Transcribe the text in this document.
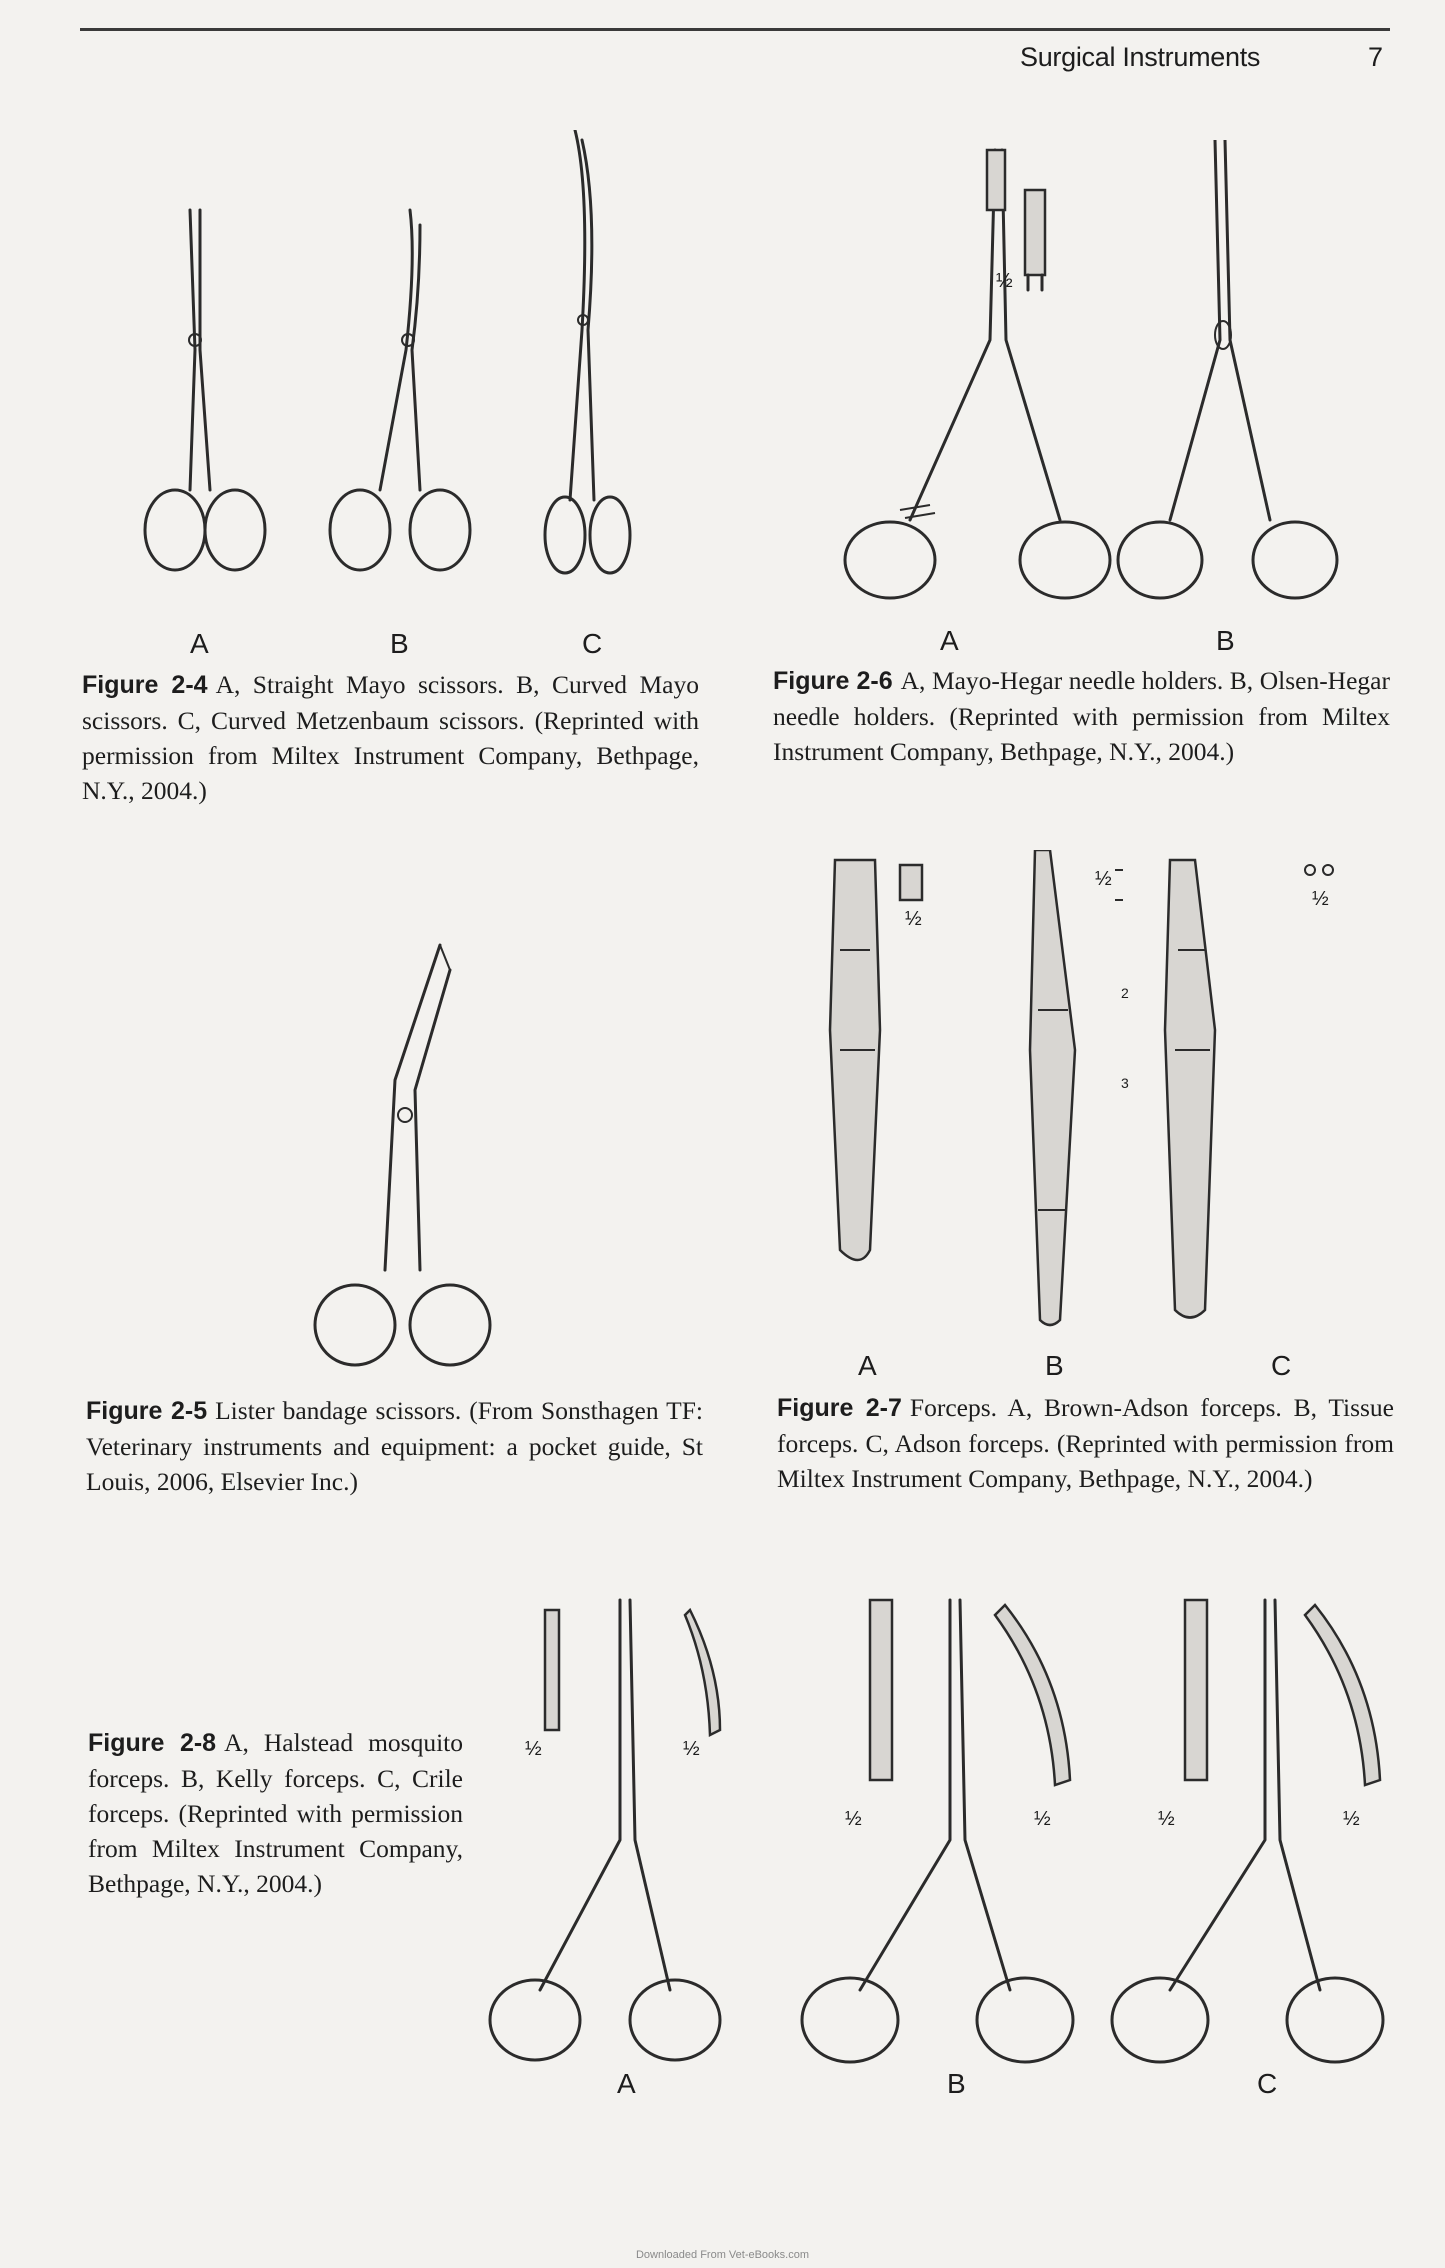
Surgical Instruments	7
A	B	C
Figure 2-4 A, Straight Mayo scissors. B, Curved Mayo scissors. C, Curved Metzenbaum scissors. (Reprinted with permission from Miltex Instrument Company, Bethpage, N.Y., 2004.)
½
A	B
Figure 2-6 A, Mayo-Hegar needle holders. B, Olsen-Hegar needle holders. (Reprinted with permission from Miltex Instrument Company, Bethpage, N.Y., 2004.)
Figure 2-5 Lister bandage scissors. (From Sonsthagen TF: Veterinary instruments and equipment: a pocket guide, St Louis, 2006, Elsevier Inc.)
½
½
½
2
3
A	B	C
Figure 2-7 Forceps. A, Brown-Adson forceps. B, Tissue forceps. C, Adson forceps. (Reprinted with permission from Miltex Instrument Company, Bethpage, N.Y., 2004.)
Figure 2-8 A, Halstead mosquito forceps. B, Kelly forceps. C, Crile forceps. (Reprinted with permission from Miltex Instrument Company, Bethpage, N.Y., 2004.)
½	½
½	½	½	½
A	B	C
Downloaded From Vet-eBooks.com
